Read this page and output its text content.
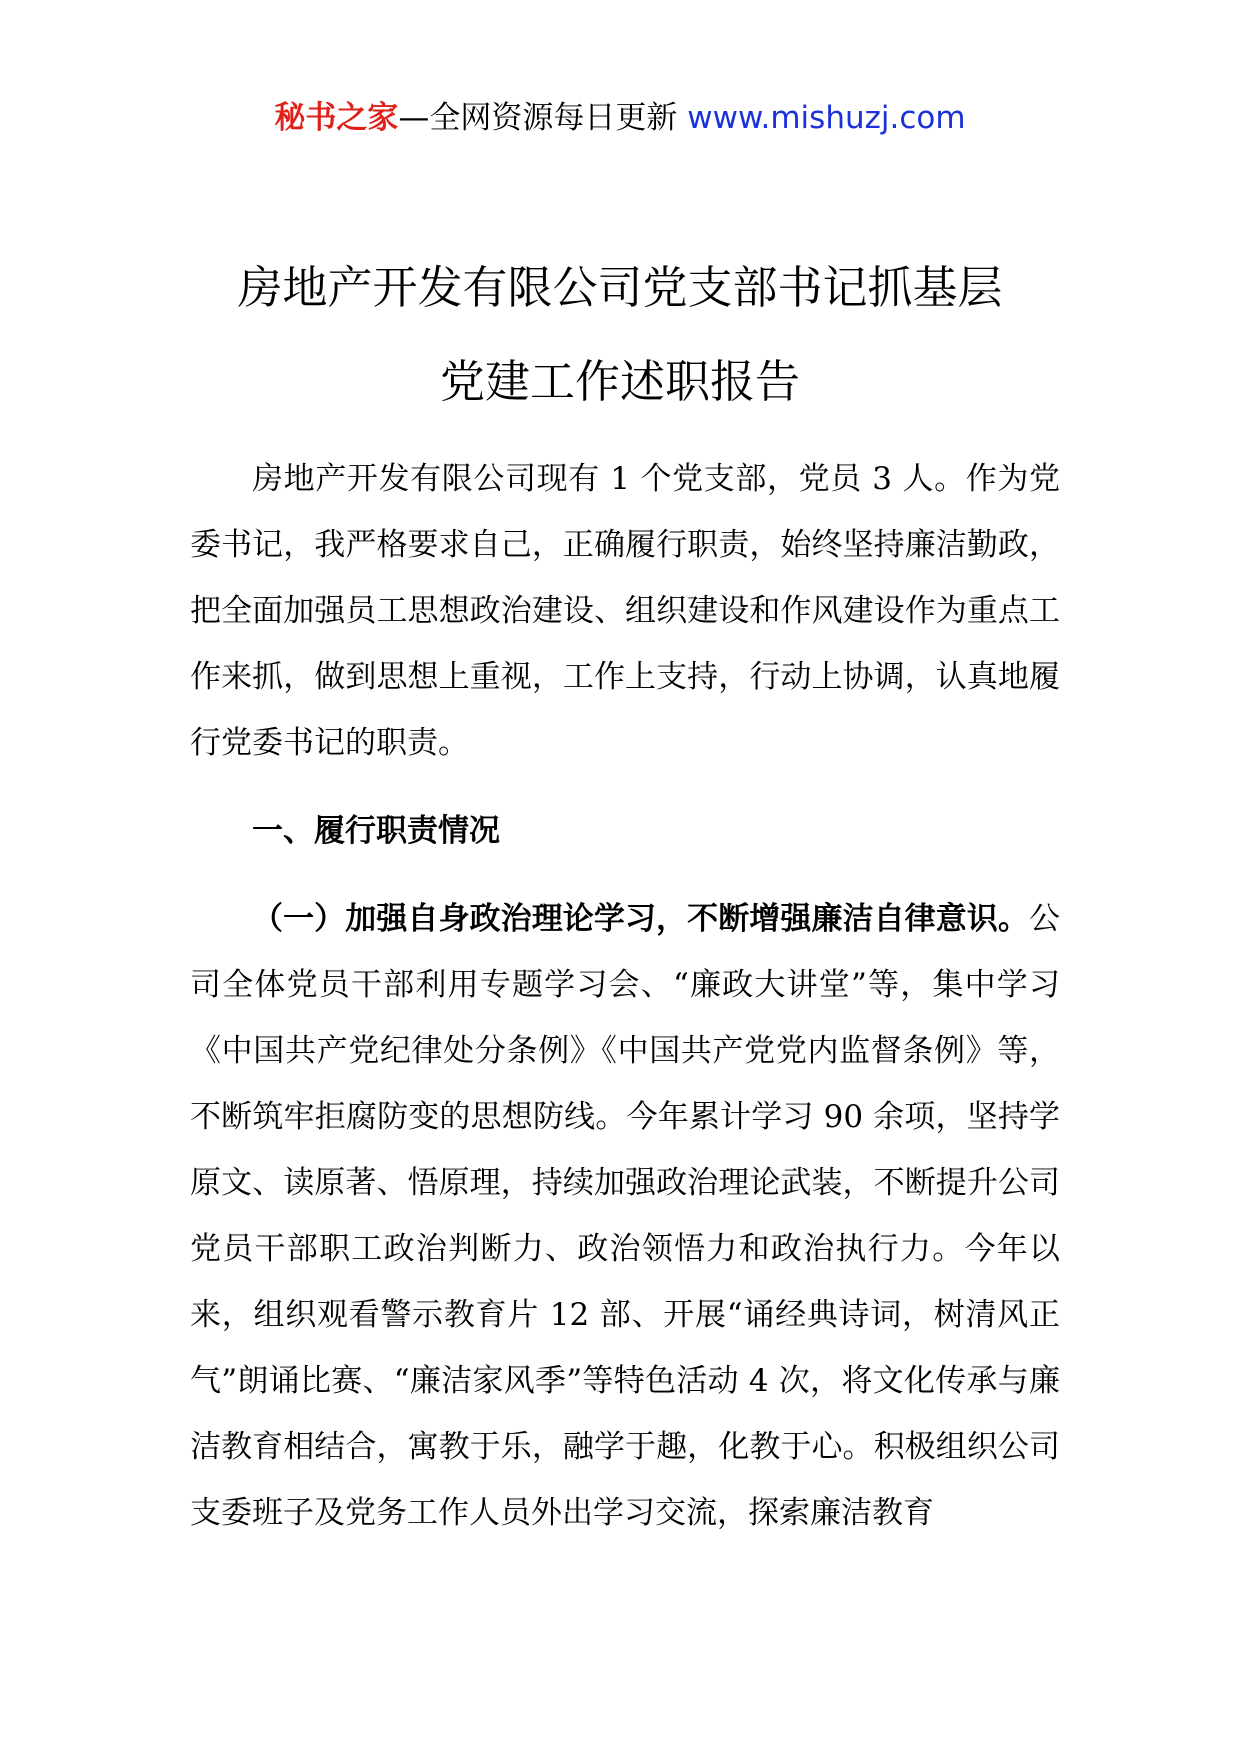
秘书之家—全网资源每日更新 www.mishuzj.com
房地产开发有限公司党支部书记抓基层
党建工作述职报告

房地产开发有限公司现有 1 个党支部，党员 3 人。作为党委书记，我严格要求自己，正确履行职责，始终坚持廉洁勤政，把全面加强员工思想政治建设、组织建设和作风建设作为重点工作来抓，做到思想上重视，工作上支持，行动上协调，认真地履行党委书记的职责。

一、履行职责情况

（一）加强自身政治理论学习，不断增强廉洁自律意识。公司全体党员干部利用专题学习会、“廉政大讲堂”等，集中学习《中国共产党纪律处分条例》《中国共产党党内监督条例》等，不断筑牢拒腐防变的思想防线。今年累计学习 90 余项，坚持学原文、读原著、悟原理，持续加强政治理论武装，不断提升公司党员干部职工政治判断力、政治领悟力和政治执行力。今年以来，组织观看警示教育片 12 部、开展“诵经典诗词，树清风正气”朗诵比赛、“廉洁家风季”等特色活动 4 次，将文化传承与廉洁教育相结合，寓教于乐，融学于趣，化教于心。积极组织公司支委班子及党务工作人员外出学习交流，探索廉洁教育
